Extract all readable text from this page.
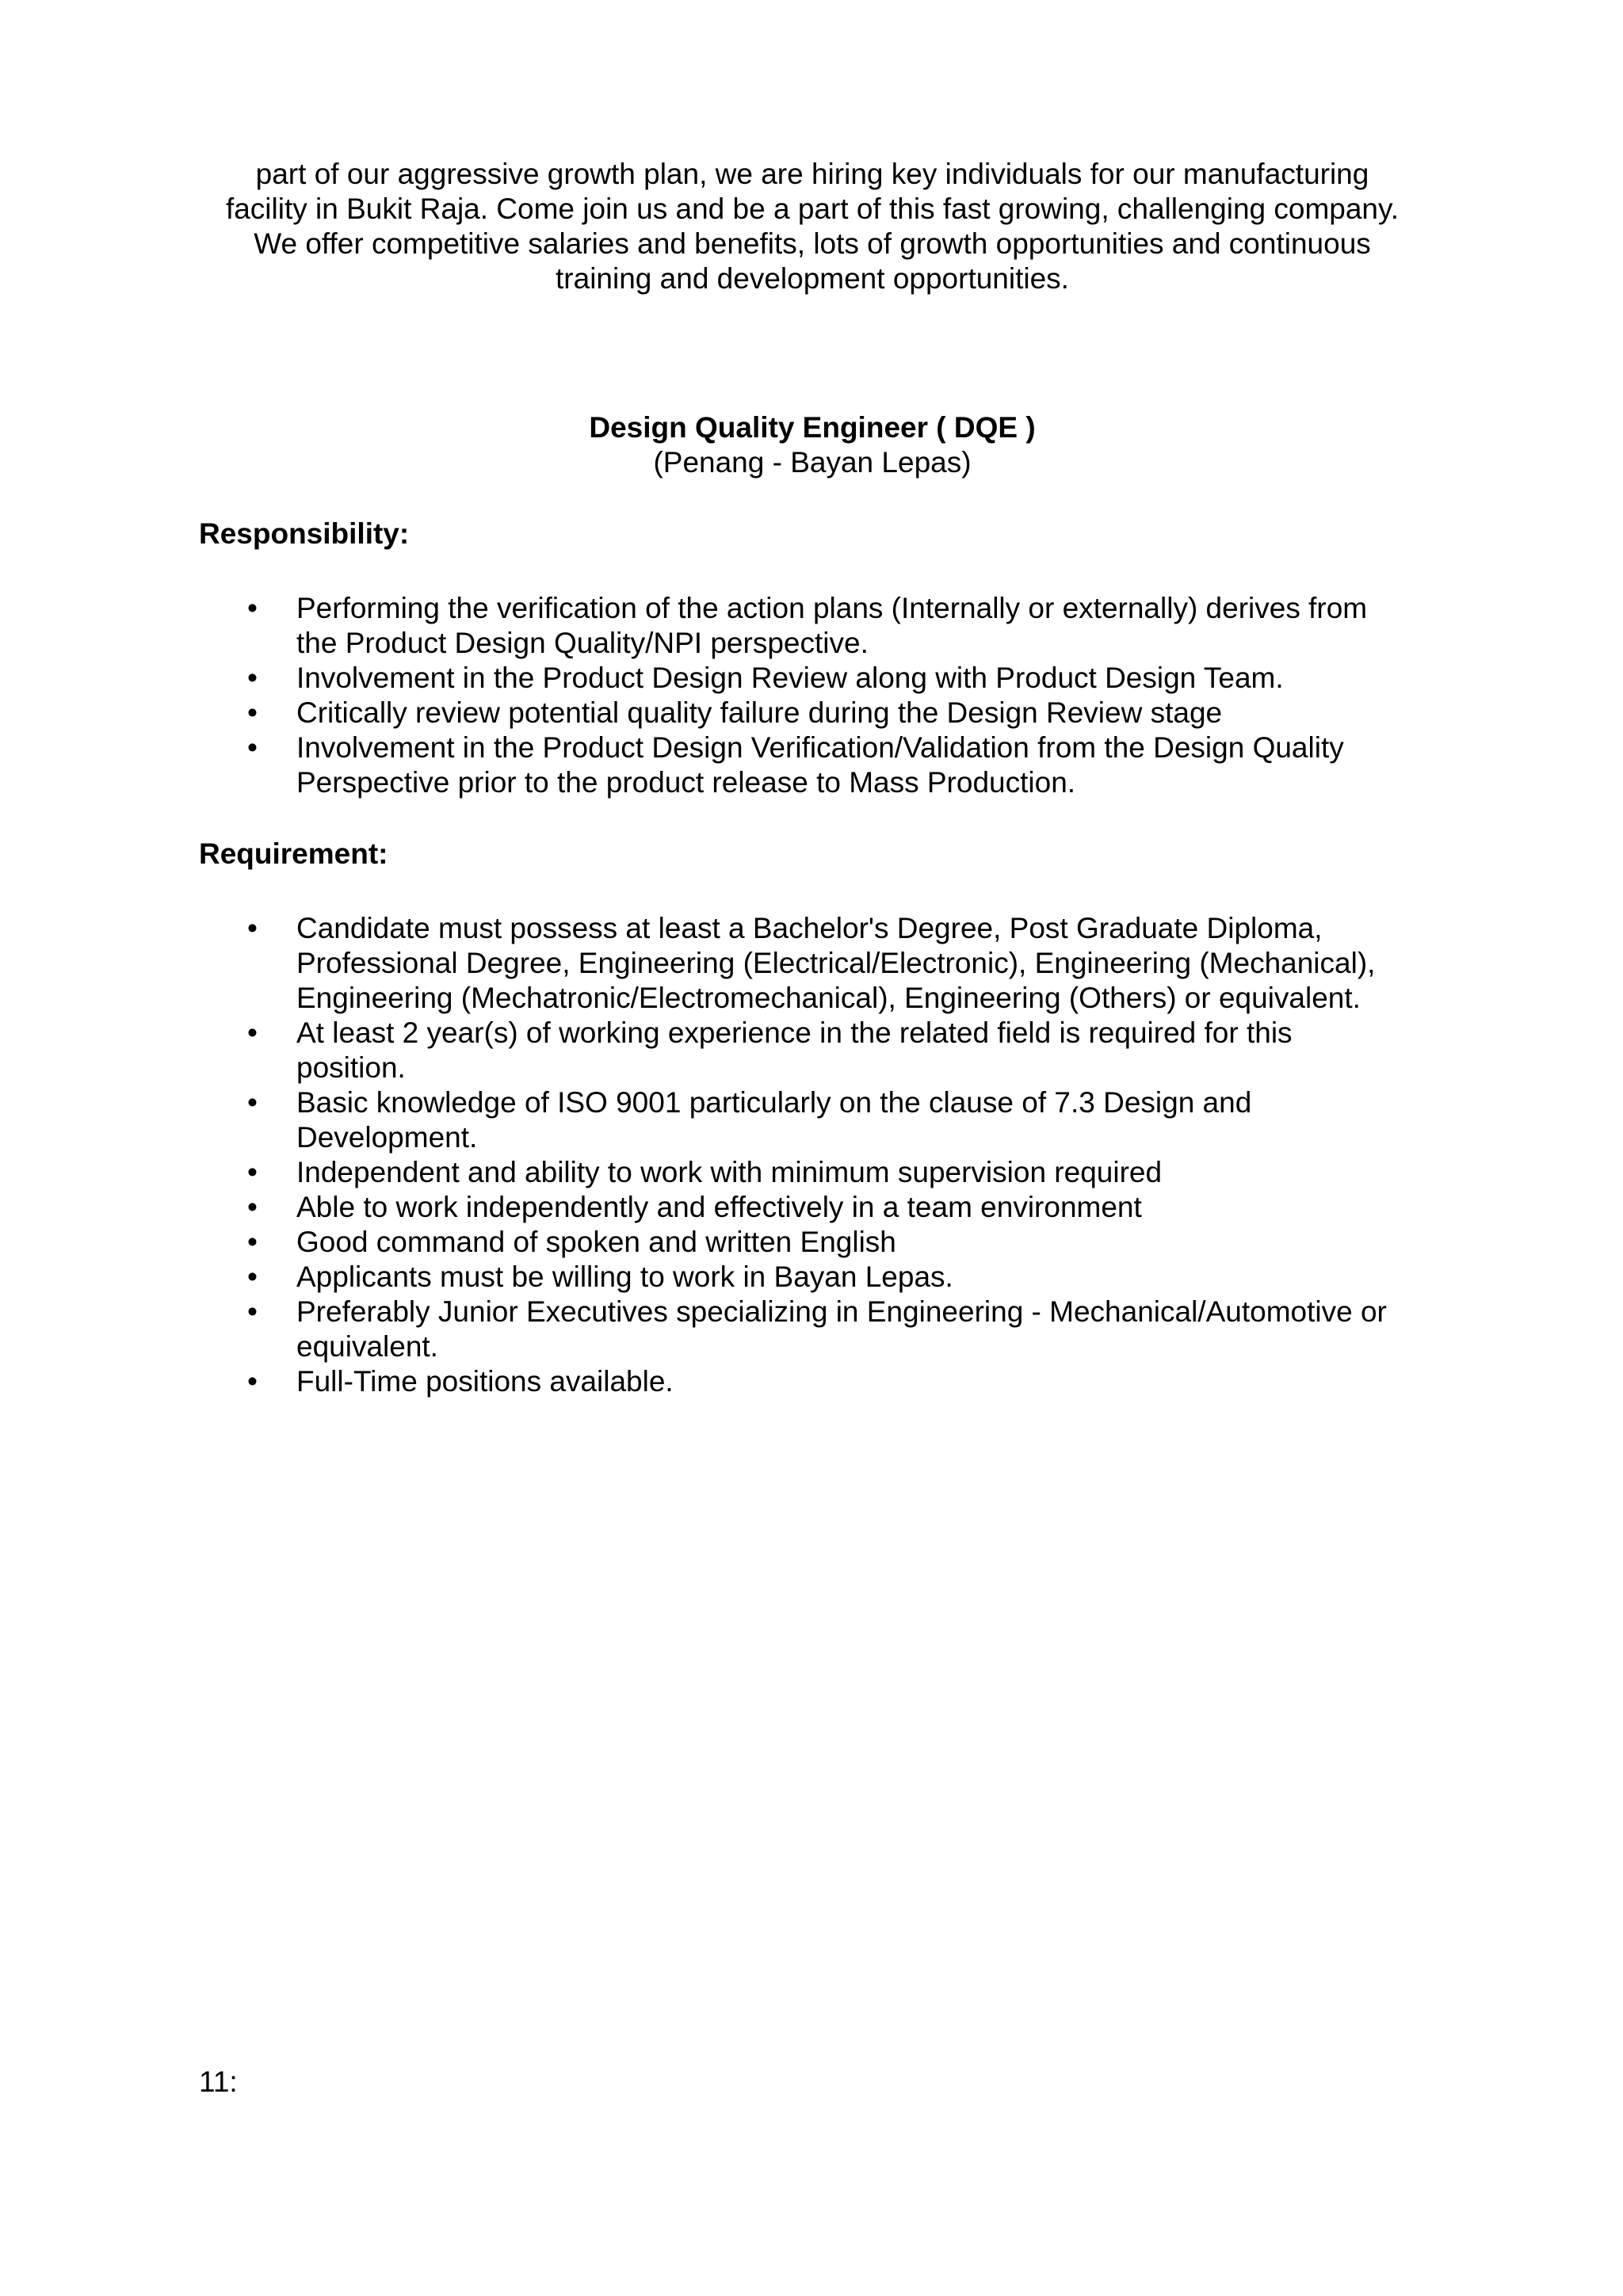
part of our aggressive growth plan, we are hiring key individuals for our manufacturing
facility in Bukit Raja. Come join us and be a part of this fast growing, challenging company.
We offer competitive salaries and benefits, lots of growth opportunities and continuous
training and development opportunities.
Design Quality Engineer ( DQE )
(Penang - Bayan Lepas)
Responsibility:
• Performing the verification of the action plans (Internally or externally) derives from
the Product Design Quality/NPI perspective.
• Involvement in the Product Design Review along with Product Design Team.
• Critically review potential quality failure during the Design Review stage
• Involvement in the Product Design Verification/Validation from the Design Quality
Perspective prior to the product release to Mass Production.
Requirement:
• Candidate must possess at least a Bachelor's Degree, Post Graduate Diploma,
Professional Degree, Engineering (Electrical/Electronic), Engineering (Mechanical),
Engineering (Mechatronic/Electromechanical), Engineering (Others) or equivalent.
• At least 2 year(s) of working experience in the related field is required for this
position.
• Basic knowledge of ISO 9001 particularly on the clause of 7.3 Design and
Development.
• Independent and ability to work with minimum supervision required
• Able to work independently and effectively in a team environment
• Good command of spoken and written English
• Applicants must be willing to work in Bayan Lepas.
• Preferably Junior Executives specializing in Engineering - Mechanical/Automotive or
equivalent.
• Full-Time positions available.
11:
